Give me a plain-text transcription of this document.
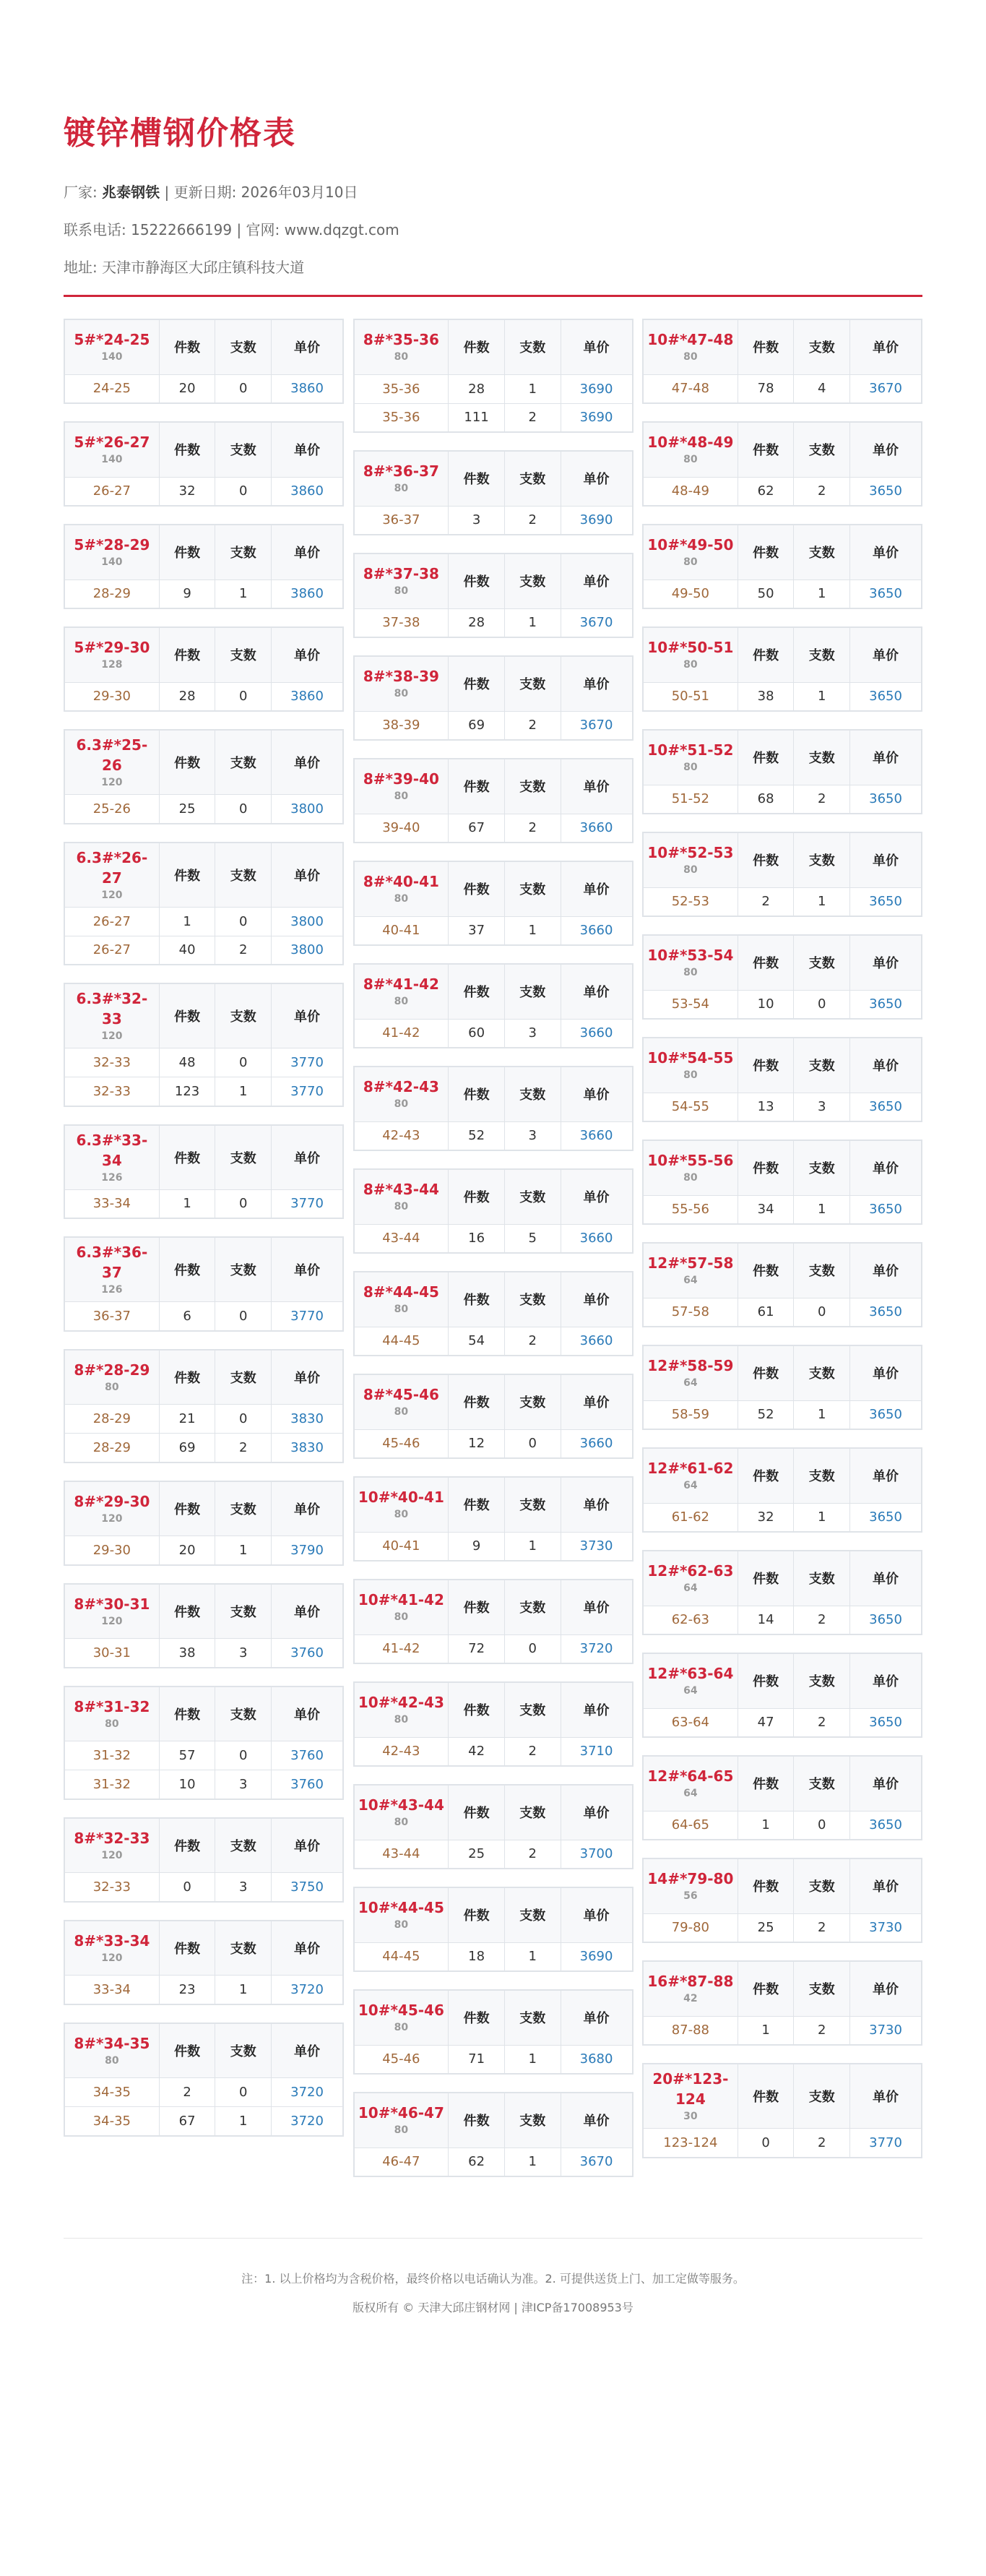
镀锌槽钢价格表
厂家: 兆泰钢铁 | 更新日期: 2026年03月10日
联系电话: 15222666199 | 官网: www.dqzgt.com
地址: 天津市静海区大邱庄镇科技大道
5#*24-25
140	件数	支数	单价
24-25	20	0	3860
5#*26-27
140	件数	支数	单价
26-27	32	0	3860
5#*28-29
140	件数	支数	单价
28-29	9	1	3860
5#*29-30
128	件数	支数	单价
29-30	28	0	3860
6.3#*25-26
120	件数	支数	单价
25-26	25	0	3800
6.3#*26-27
120	件数	支数	单价
26-27	1	0	3800
26-27	40	2	3800
6.3#*32-33
120	件数	支数	单价
32-33	48	0	3770
32-33	123	1	3770
6.3#*33-34
126	件数	支数	单价
33-34	1	0	3770
6.3#*36-37
126	件数	支数	单价
36-37	6	0	3770
8#*28-29
80	件数	支数	单价
28-29	21	0	3830
28-29	69	2	3830
8#*29-30
120	件数	支数	单价
29-30	20	1	3790
8#*30-31
120	件数	支数	单价
30-31	38	3	3760
8#*31-32
80	件数	支数	单价
31-32	57	0	3760
31-32	10	3	3760
8#*32-33
120	件数	支数	单价
32-33	0	3	3750
8#*33-34
120	件数	支数	单价
33-34	23	1	3720
8#*34-35
80	件数	支数	单价
34-35	2	0	3720
34-35	67	1	3720
8#*35-36
80	件数	支数	单价
35-36	28	1	3690
35-36	111	2	3690
8#*36-37
80	件数	支数	单价
36-37	3	2	3690
8#*37-38
80	件数	支数	单价
37-38	28	1	3670
8#*38-39
80	件数	支数	单价
38-39	69	2	3670
8#*39-40
80	件数	支数	单价
39-40	67	2	3660
8#*40-41
80	件数	支数	单价
40-41	37	1	3660
8#*41-42
80	件数	支数	单价
41-42	60	3	3660
8#*42-43
80	件数	支数	单价
42-43	52	3	3660
8#*43-44
80	件数	支数	单价
43-44	16	5	3660
8#*44-45
80	件数	支数	单价
44-45	54	2	3660
8#*45-46
80	件数	支数	单价
45-46	12	0	3660
10#*40-41
80	件数	支数	单价
40-41	9	1	3730
10#*41-42
80	件数	支数	单价
41-42	72	0	3720
10#*42-43
80	件数	支数	单价
42-43	42	2	3710
10#*43-44
80	件数	支数	单价
43-44	25	2	3700
10#*44-45
80	件数	支数	单价
44-45	18	1	3690
10#*45-46
80	件数	支数	单价
45-46	71	1	3680
10#*46-47
80	件数	支数	单价
46-47	62	1	3670
10#*47-48
80	件数	支数	单价
47-48	78	4	3670
10#*48-49
80	件数	支数	单价
48-49	62	2	3650
10#*49-50
80	件数	支数	单价
49-50	50	1	3650
10#*50-51
80	件数	支数	单价
50-51	38	1	3650
10#*51-52
80	件数	支数	单价
51-52	68	2	3650
10#*52-53
80	件数	支数	单价
52-53	2	1	3650
10#*53-54
80	件数	支数	单价
53-54	10	0	3650
10#*54-55
80	件数	支数	单价
54-55	13	3	3650
10#*55-56
80	件数	支数	单价
55-56	34	1	3650
12#*57-58
64	件数	支数	单价
57-58	61	0	3650
12#*58-59
64	件数	支数	单价
58-59	52	1	3650
12#*61-62
64	件数	支数	单价
61-62	32	1	3650
12#*62-63
64	件数	支数	单价
62-63	14	2	3650
12#*63-64
64	件数	支数	单价
63-64	47	2	3650
12#*64-65
64	件数	支数	单价
64-65	1	0	3650
14#*79-80
56	件数	支数	单价
79-80	25	2	3730
16#*87-88
42	件数	支数	单价
87-88	1	2	3730
20#*123-124
30	件数	支数	单价
123-124	0	2	3770
注：1. 以上价格均为含税价格，最终价格以电话确认为准。2. 可提供送货上门、加工定做等服务。
版权所有 © 天津大邱庄钢材网 | 津ICP备17008953号
